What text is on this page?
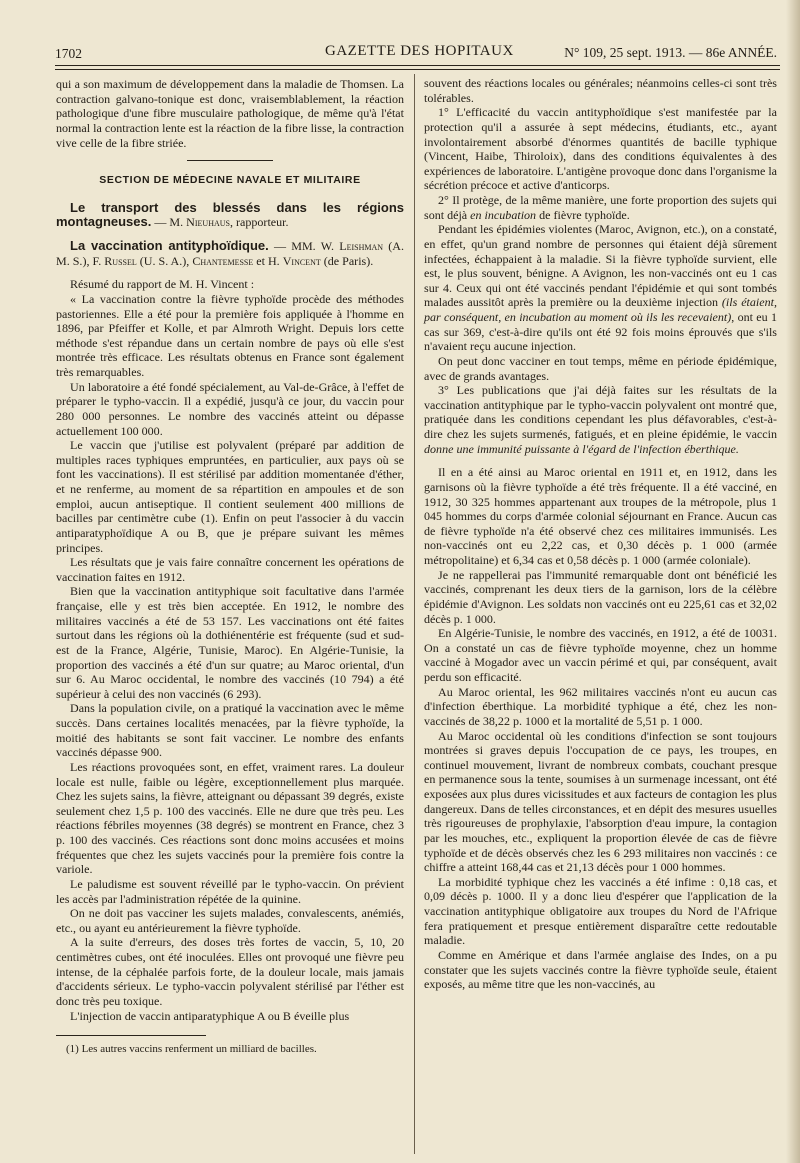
1702	GAZETTE DES HOPITAUX	N° 109, 25 sept. 1913. — 86e ANNÉE.

qui a son maximum de développement dans la maladie de Thomsen. La contraction galvano-tonique est donc, vraisemblablement, la réaction pathologique d'une fibre musculaire pathologique, de même qu'à l'état normal la contraction lente est la réaction de la fibre lisse, la contraction vive celle de la fibre striée.

SECTION DE MÉDECINE NAVALE ET MILITAIRE

Le transport des blessés dans les régions montagneuses. — M. Nieuhaus, rapporteur.

La vaccination antityphoïdique. — MM. W. Leishman (A. M. S.), F. Russel (U. S. A.), Chantemesse et H. Vincent (de Paris).

Résumé du rapport de M. H. Vincent :

« La vaccination contre la fièvre typhoïde procède des méthodes pastoriennes. Elle a été pour la première fois appliquée à l'homme en 1896, par Pfeiffer et Kolle, et par Almroth Wright. Depuis lors cette méthode s'est répandue dans un certain nombre de pays où elle s'est montrée très efficace. Les résultats obtenus en France sont également très remarquables.

Un laboratoire a été fondé spécialement, au Val-de-Grâce, à l'effet de préparer le typho-vaccin. Il a expédié, jusqu'à ce jour, du vaccin pour 280 000 personnes. Le nombre des vaccinés atteint ou dépasse actuellement 100 000.

Le vaccin que j'utilise est polyvalent (préparé par addition de multiples races typhiques empruntées, en particulier, aux pays où se font les vaccinations). Il est stérilisé par addition momentanée d'éther, et ne renferme, au moment de sa répartition en ampoules et de son emploi, aucun antiseptique. Il contient seulement 400 millions de bacilles par centimètre cube (1). Enfin on peut l'associer à du vaccin antiparatyphoïdique A ou B, que je prépare suivant les mêmes principes.

Les résultats que je vais faire connaître concernent les opérations de vaccination faites en 1912.

Bien que la vaccination antityphique soit facultative dans l'armée française, elle y est très bien acceptée. En 1912, le nombre des militaires vaccinés a été de 53 157. Les vaccinations ont été faites surtout dans les régions où la dothiénentérie est fréquente (sud et sud-est de la France, Algérie, Tunisie, Maroc). En Algérie-Tunisie, la proportion des vaccinés a été d'un sur quatre; au Maroc oriental, d'un sur 6. Au Maroc occidental, le nombre des vaccinés (10 794) a été supérieur à celui des non vaccinés (6 293).

Dans la population civile, on a pratiqué la vaccination avec le même succès. Dans certaines localités menacées, par la fièvre typhoïde, la moitié des habitants se sont fait vacciner. Le nombre des enfants vaccinés dépasse 900.

Les réactions provoquées sont, en effet, vraiment rares. La douleur locale est nulle, faible ou légère, exceptionnellement plus marquée. Chez les sujets sains, la fièvre, atteignant ou dépassant 39 degrés, existe seulement chez 1,5 p. 100 des vaccinés. Elle ne dure que très peu. Les réactions fébriles moyennes (38 degrés) se montrent en France, chez 3 p. 100 des vaccinés. Ces réactions sont donc moins accusées et moins fréquentes que chez les sujets vaccinés pour la première fois contre la variole.

Le paludisme est souvent réveillé par le typho-vaccin. On prévient les accès par l'administration répétée de la quinine.

On ne doit pas vacciner les sujets malades, convalescents, anémiés, etc., ou ayant eu antérieurement la fièvre typhoïde.

A la suite d'erreurs, des doses très fortes de vaccin, 5, 10, 20 centimètres cubes, ont été inoculées. Elles ont provoqué une fièvre peu intense, de la céphalée parfois forte, de la douleur locale, mais jamais d'accidents sérieux. Le typho-vaccin polyvalent stérilisé par l'éther est donc très peu toxique.

L'injection de vaccin antiparatyphique A ou B éveille plus

(1) Les autres vaccins renferment un milliard de bacilles.

souvent des réactions locales ou générales; néanmoins celles-ci sont très tolérables.

1° L'efficacité du vaccin antityphoïdique s'est manifestée par la protection qu'il a assurée à sept médecins, étudiants, etc., ayant involontairement absorbé d'énormes quantités de bacille typhique (Vincent, Haibe, Thiroloix), dans des conditions équivalentes à des expériences de laboratoire. L'antigène provoque donc dans l'organisme la sécrétion précoce et active d'anticorps.

2° Il protège, de la même manière, une forte proportion des sujets qui sont déjà en incubation de fièvre typhoïde.

Pendant les épidémies violentes (Maroc, Avignon, etc.), on a constaté, en effet, qu'un grand nombre de personnes qui étaient déjà sûrement infectées, échappaient à la maladie. Si la fièvre typhoïde survient, elle est, le plus souvent, bénigne. A Avignon, les non-vaccinés ont eu 1 cas sur 4. Ceux qui ont été vaccinés pendant l'épidémie et qui sont tombés malades aussitôt après la première ou la deuxième injection (ils étaient, par conséquent, en incubation au moment où ils les recevaient), ont eu 1 cas sur 369, c'est-à-dire qu'ils ont été 92 fois moins éprouvés que s'ils n'avaient reçu aucune injection.

On peut donc vacciner en tout temps, même en période épidémique, avec de grands avantages.

3° Les publications que j'ai déjà faites sur les résultats de la vaccination antityphique par le typho-vaccin polyvalent ont montré que, pratiquée dans les conditions cependant les plus défavorables, c'est-à-dire chez les sujets surmenés, fatigués, et en pleine épidémie, le vaccin donne une immunité puissante à l'égard de l'infection éberthique.

Il en a été ainsi au Maroc oriental en 1911 et, en 1912, dans les garnisons où la fièvre typhoïde a été très fréquente. Il a été vacciné, en 1912, 30 325 hommes appartenant aux troupes de la métropole, plus 1 045 hommes du corps d'armée colonial séjournant en France. Aucun cas de fièvre typhoïde n'a été observé chez ces militaires immunisés. Les non-vaccinés ont eu 2,22 cas, et 0,30 décès p. 1 000 (armée métropolitaine) et 6,34 cas et 0,58 décès p. 1 000 (armée coloniale).

Je ne rappellerai pas l'immunité remarquable dont ont bénéficié les vaccinés, comprenant les deux tiers de la garnison, lors de la célèbre épidémie d'Avignon. Les soldats non vaccinés ont eu 225,61 cas et 32,02 décès p. 1 000.

En Algérie-Tunisie, le nombre des vaccinés, en 1912, a été de 10031. On a constaté un cas de fièvre typhoïde moyenne, chez un homme vacciné à Mogador avec un vaccin périmé et qui, par conséquent, avait perdu son efficacité.

Au Maroc oriental, les 962 militaires vaccinés n'ont eu aucun cas d'infection éberthique. La morbidité typhique a été, chez les non-vaccinés de 38,22 p. 1000 et la mortalité de 5,51 p. 1 000.

Au Maroc occidental où les conditions d'infection se sont toujours montrées si graves depuis l'occupation de ce pays, les troupes, en continuel mouvement, livrant de nombreux combats, couchant presque en permanence sous la tente, soumises à un surmenage incessant, ont été exposées aux plus dures vicissitudes et aux facteurs de contagion les plus dangereux. Dans de telles circonstances, et en dépit des mesures usuelles très rigoureuses de prophylaxie, l'absorption d'eau impure, la contagion par les mouches, etc., expliquent la proportion élevée de cas de fièvre typhoïde et de décès observés chez les 6 293 militaires non vaccinés : ce chiffre a atteint 168,44 cas et 21,13 décès pour 1 000 hommes.

La morbidité typhique chez les vaccinés a été infime : 0,18 cas, et 0,09 décès p. 1000. Il y a donc lieu d'espérer que l'application de la vaccination antityphique obligatoire aux troupes du Nord de l'Afrique fera pratiquement et presque entièrement disparaître cette redoutable maladie.

Comme en Amérique et dans l'armée anglaise des Indes, on a pu constater que les sujets vaccinés contre la fièvre typhoïde seule, étaient exposés, au même titre que les non-vaccinés, au
